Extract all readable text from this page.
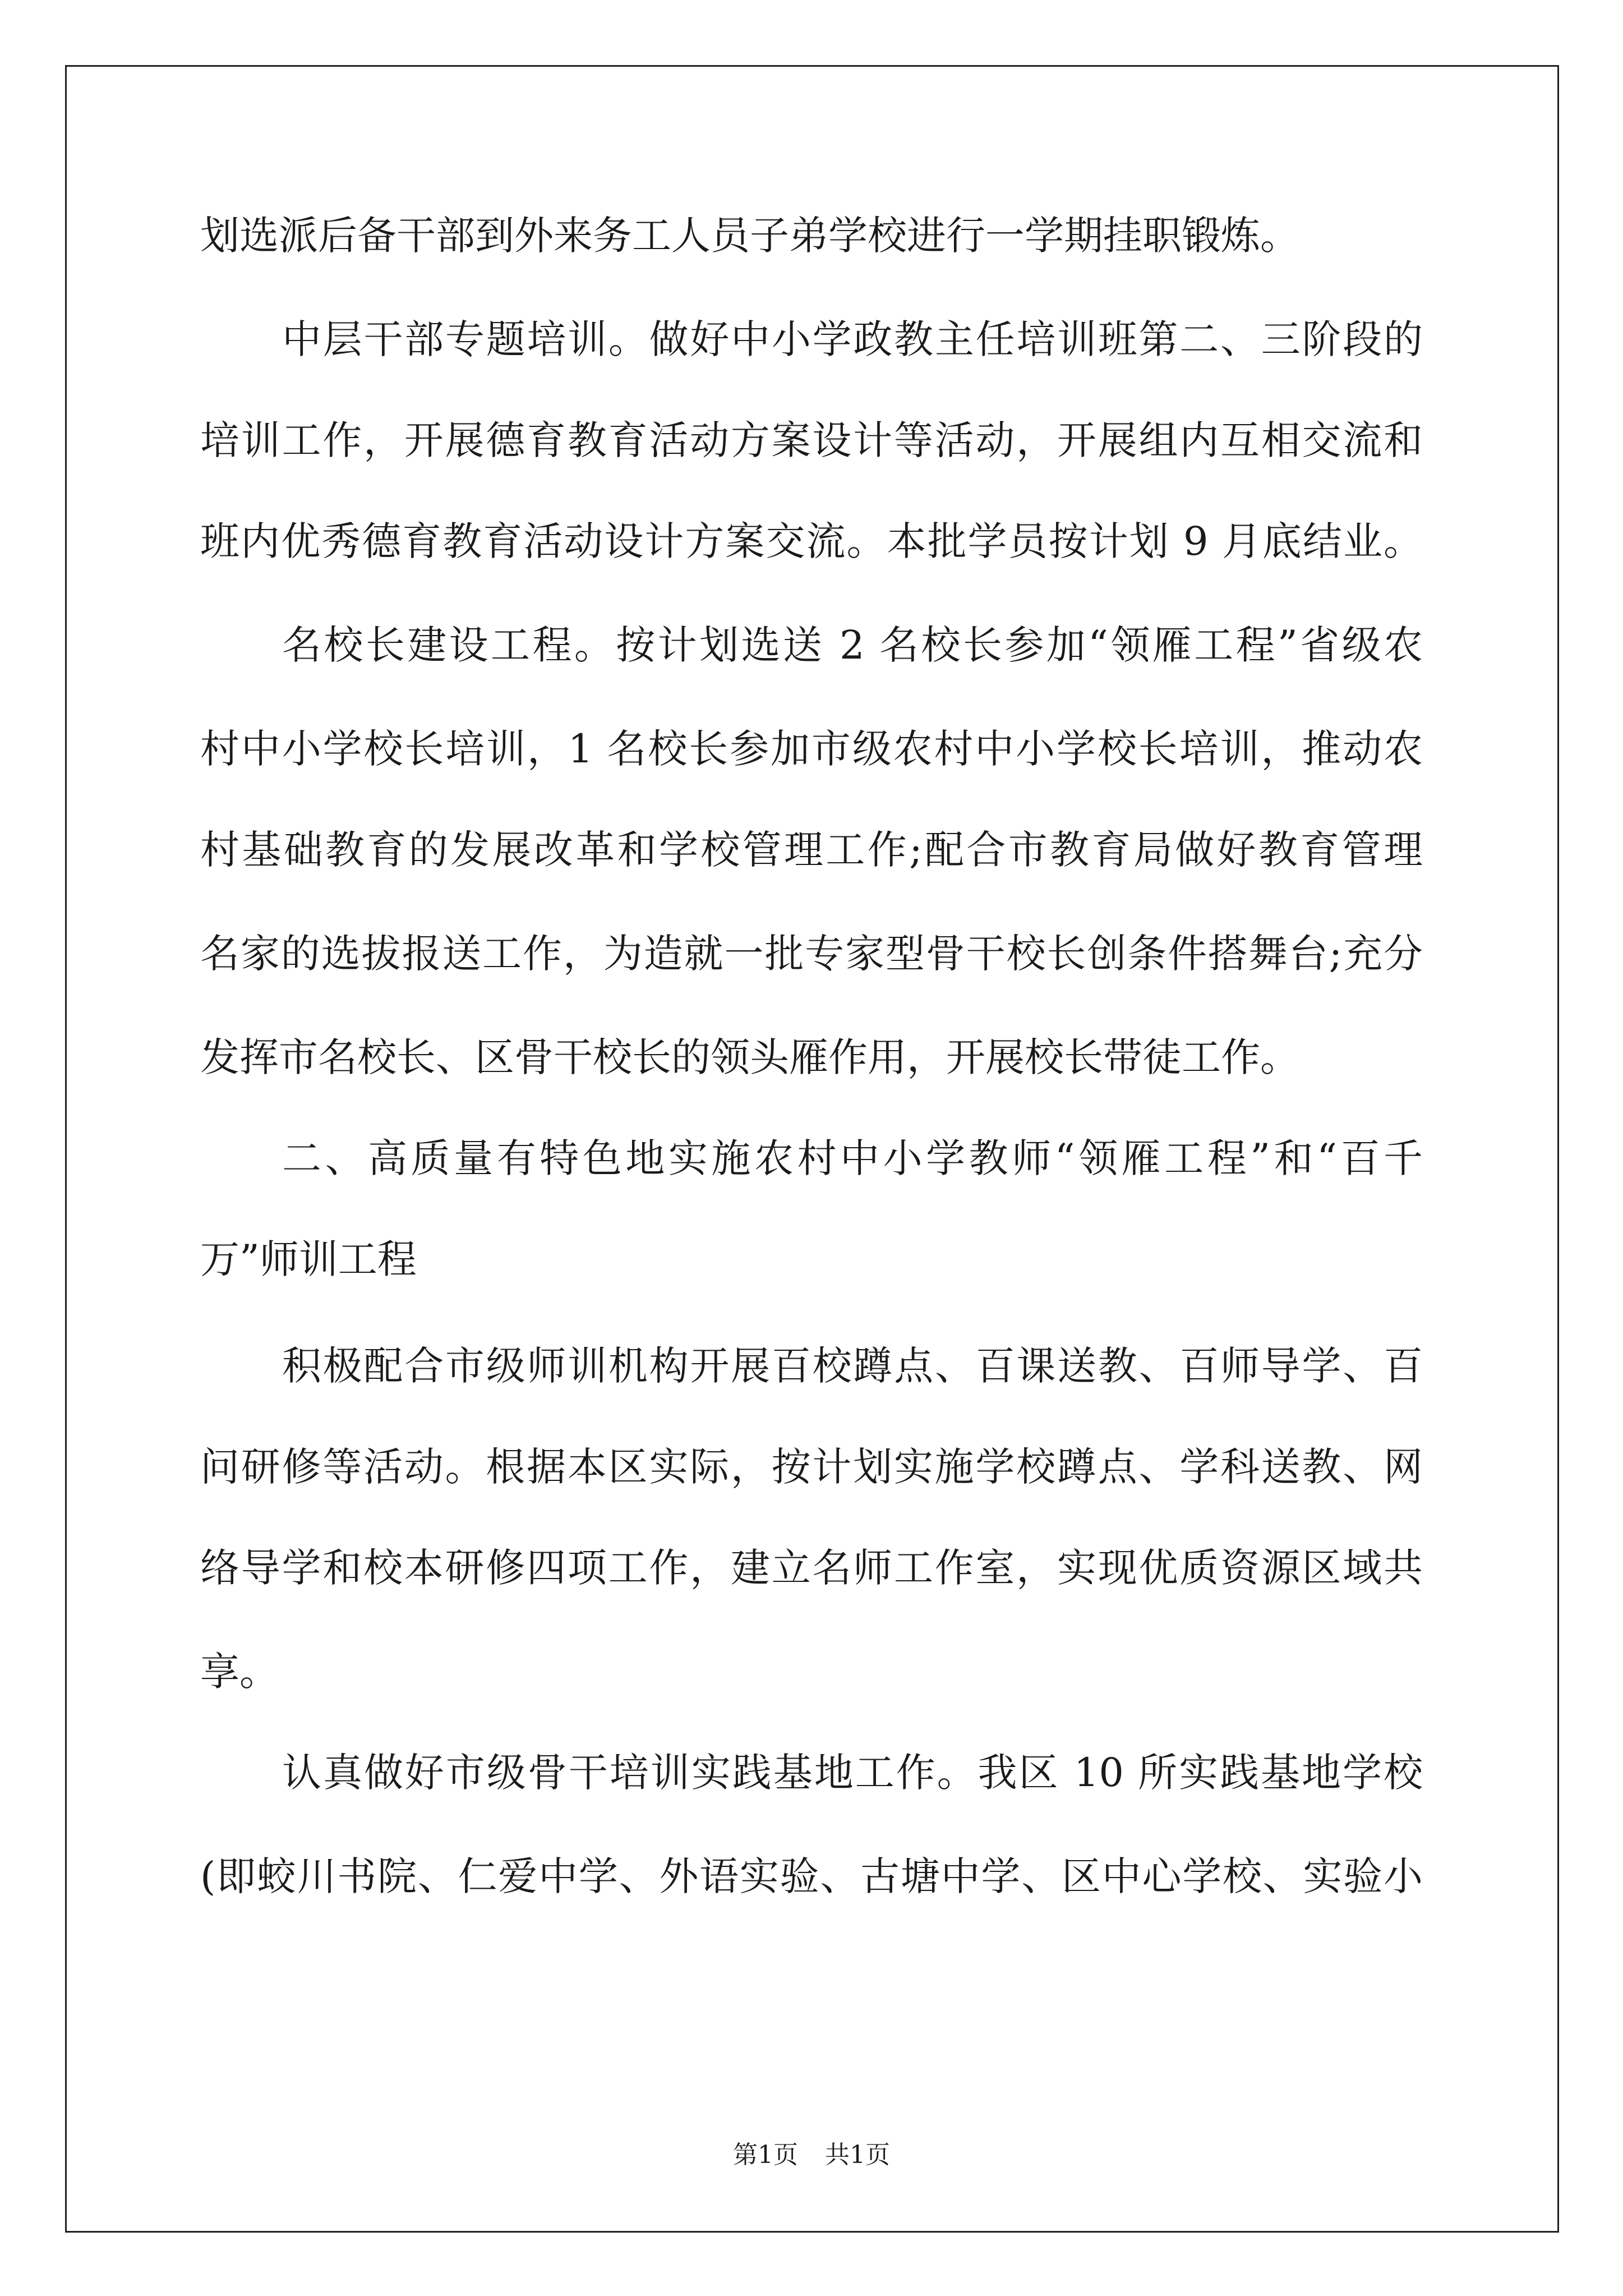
划选派后备干部到外来务工人员子弟学校进行一学期挂职锻炼。
中层干部专题培训。做好中小学政教主任培训班第二、三阶段的
培训工作，开展德育教育活动方案设计等活动，开展组内互相交流和
班内优秀德育教育活动设计方案交流。本批学员按计划 9 月底结业。
名校长建设工程。按计划选送 2 名校长参加“领雁工程”省级农
村中小学校长培训，1 名校长参加市级农村中小学校长培训，推动农
村基础教育的发展改革和学校管理工作;配合市教育局做好教育管理
名家的选拔报送工作，为造就一批专家型骨干校长创条件搭舞台;充分
发挥市名校长、区骨干校长的领头雁作用，开展校长带徒工作。
二、高质量有特色地实施农村中小学教师“领雁工程”和“百千
万”师训工程
积极配合市级师训机构开展百校蹲点、百课送教、百师导学、百
问研修等活动。根据本区实际，按计划实施学校蹲点、学科送教、网
络导学和校本研修四项工作，建立名师工作室，实现优质资源区域共
享。
认真做好市级骨干培训实践基地工作。我区 10 所实践基地学校
(即蛟川书院、仁爱中学、外语实验、古塘中学、区中心学校、实验小
第1页 共1页
